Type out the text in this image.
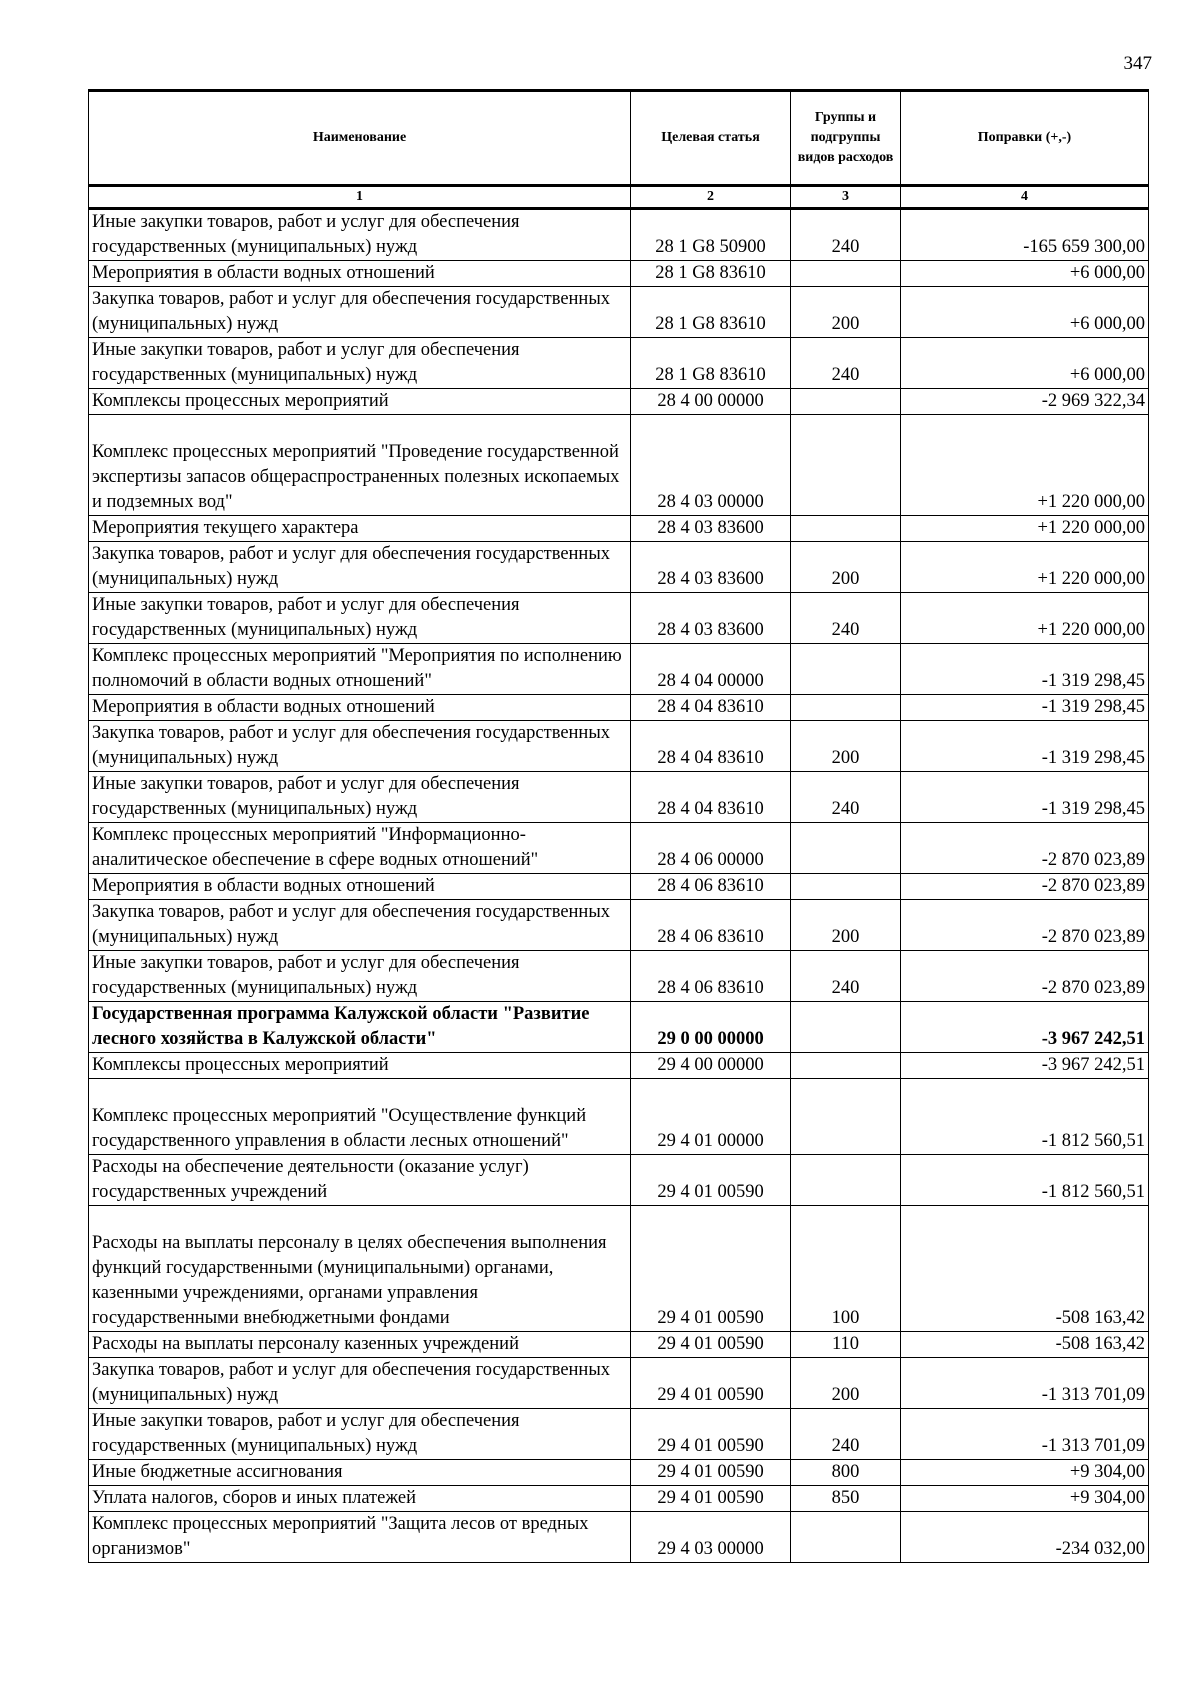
347
Наименование	Целевая статья	Группы и подгруппы видов расходов	Поправки (+,-)
1	2	3	4
Иные закупки товаров, работ и услуг для обеспечения государственных (муниципальных) нужд	28 1 G8 50900	240	-165 659 300,00
Мероприятия в области водных отношений	28 1 G8 83610		+6 000,00
Закупка товаров, работ и услуг для обеспечения государственных (муниципальных) нужд	28 1 G8 83610	200	+6 000,00
Иные закупки товаров, работ и услуг для обеспечения государственных (муниципальных) нужд	28 1 G8 83610	240	+6 000,00
Комплексы процессных мероприятий	28 4 00 00000		-2 969 322,34
Комплекс процессных мероприятий "Проведение государственной экспертизы запасов общераспространенных полезных ископаемых и подземных вод"	28 4 03 00000		+1 220 000,00
Мероприятия текущего характера	28 4 03 83600		+1 220 000,00
Закупка товаров, работ и услуг для обеспечения государственных (муниципальных) нужд	28 4 03 83600	200	+1 220 000,00
Иные закупки товаров, работ и услуг для обеспечения государственных (муниципальных) нужд	28 4 03 83600	240	+1 220 000,00
Комплекс процессных мероприятий "Мероприятия по исполнению полномочий в области водных отношений"	28 4 04 00000		-1 319 298,45
Мероприятия в области водных отношений	28 4 04 83610		-1 319 298,45
Закупка товаров, работ и услуг для обеспечения государственных (муниципальных) нужд	28 4 04 83610	200	-1 319 298,45
Иные закупки товаров, работ и услуг для обеспечения государственных (муниципальных) нужд	28 4 04 83610	240	-1 319 298,45
Комплекс процессных мероприятий "Информационно-аналитическое обеспечение в сфере водных отношений"	28 4 06 00000		-2 870 023,89
Мероприятия в области водных отношений	28 4 06 83610		-2 870 023,89
Закупка товаров, работ и услуг для обеспечения государственных (муниципальных) нужд	28 4 06 83610	200	-2 870 023,89
Иные закупки товаров, работ и услуг для обеспечения государственных (муниципальных) нужд	28 4 06 83610	240	-2 870 023,89
Государственная программа Калужской области "Развитие лесного хозяйства в Калужской области"	29 0 00 00000		-3 967 242,51
Комплексы процессных мероприятий	29 4 00 00000		-3 967 242,51
Комплекс процессных мероприятий "Осуществление функций государственного управления в области лесных отношений"	29 4 01 00000		-1 812 560,51
Расходы на обеспечение деятельности (оказание услуг) государственных учреждений	29 4 01 00590		-1 812 560,51
Расходы на выплаты персоналу в целях обеспечения выполнения функций государственными (муниципальными) органами, казенными учреждениями, органами управления государственными внебюджетными фондами	29 4 01 00590	100	-508 163,42
Расходы на выплаты персоналу казенных учреждений	29 4 01 00590	110	-508 163,42
Закупка товаров, работ и услуг для обеспечения государственных (муниципальных) нужд	29 4 01 00590	200	-1 313 701,09
Иные закупки товаров, работ и услуг для обеспечения государственных (муниципальных) нужд	29 4 01 00590	240	-1 313 701,09
Иные бюджетные ассигнования	29 4 01 00590	800	+9 304,00
Уплата налогов, сборов и иных платежей	29 4 01 00590	850	+9 304,00
Комплекс процессных мероприятий "Защита лесов от вредных организмов"	29 4 03 00000		-234 032,00
